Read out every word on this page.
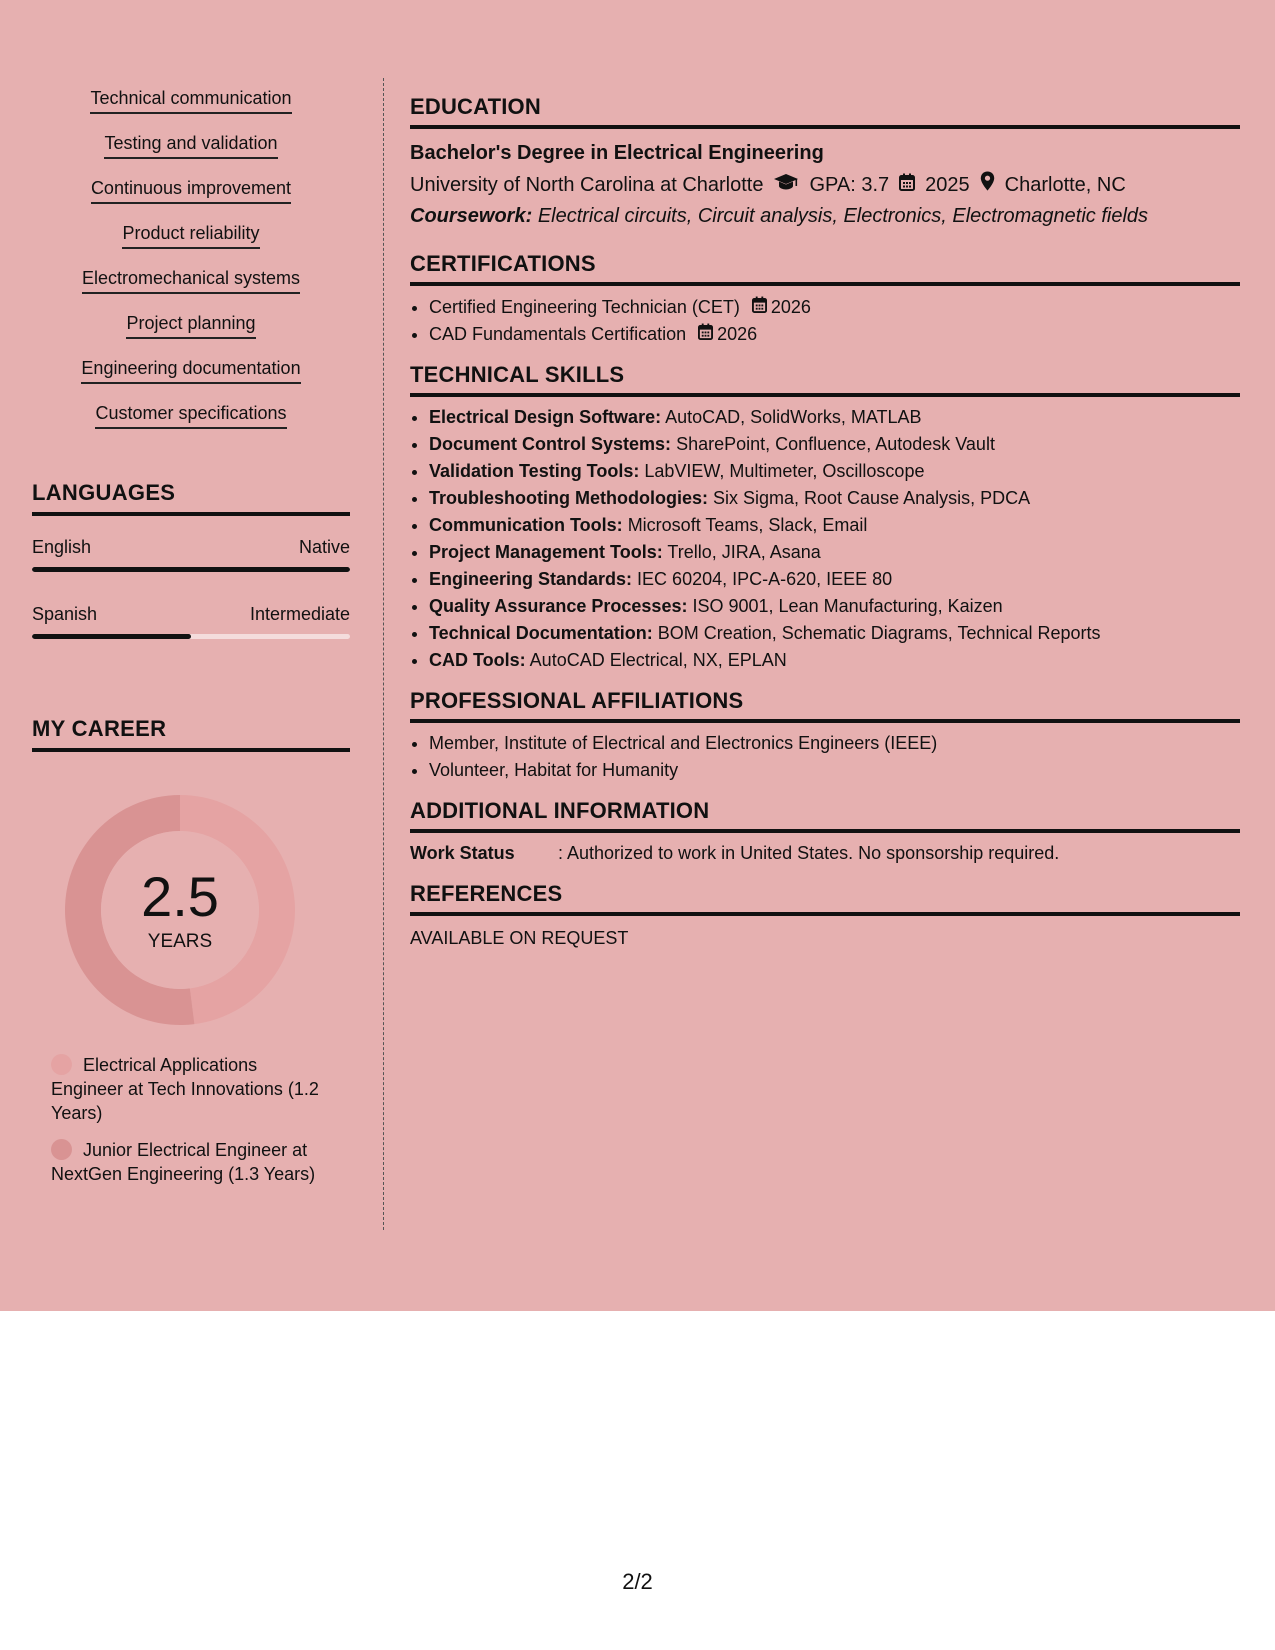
Technical communication
Testing and validation
Continuous improvement
Product reliability
Electromechanical systems
Project planning
Engineering documentation
Customer specifications
LANGUAGES
English	Native
Spanish	Intermediate
MY CAREER
2.5
YEARS
Electrical Applications Engineer at Tech Innovations (1.2 Years)
Junior Electrical Engineer at NextGen Engineering (1.3 Years)
EDUCATION
Bachelor's Degree in Electrical Engineering
University of North Carolina at Charlotte GPA: 3.7 2025 Charlotte, NC
Coursework: Electrical circuits, Circuit analysis, Electronics, Electromagnetic fields
CERTIFICATIONS
• Certified Engineering Technician (CET) 2026
• CAD Fundamentals Certification 2026
TECHNICAL SKILLS
• Electrical Design Software: AutoCAD, SolidWorks, MATLAB
• Document Control Systems: SharePoint, Confluence, Autodesk Vault
• Validation Testing Tools: LabVIEW, Multimeter, Oscilloscope
• Troubleshooting Methodologies: Six Sigma, Root Cause Analysis, PDCA
• Communication Tools: Microsoft Teams, Slack, Email
• Project Management Tools: Trello, JIRA, Asana
• Engineering Standards: IEC 60204, IPC-A-620, IEEE 80
• Quality Assurance Processes: ISO 9001, Lean Manufacturing, Kaizen
• Technical Documentation: BOM Creation, Schematic Diagrams, Technical Reports
• CAD Tools: AutoCAD Electrical, NX, EPLAN
PROFESSIONAL AFFILIATIONS
• Member, Institute of Electrical and Electronics Engineers (IEEE)
• Volunteer, Habitat for Humanity
ADDITIONAL INFORMATION
Work Status	: Authorized to work in United States. No sponsorship required.
REFERENCES
AVAILABLE ON REQUEST
2/2
